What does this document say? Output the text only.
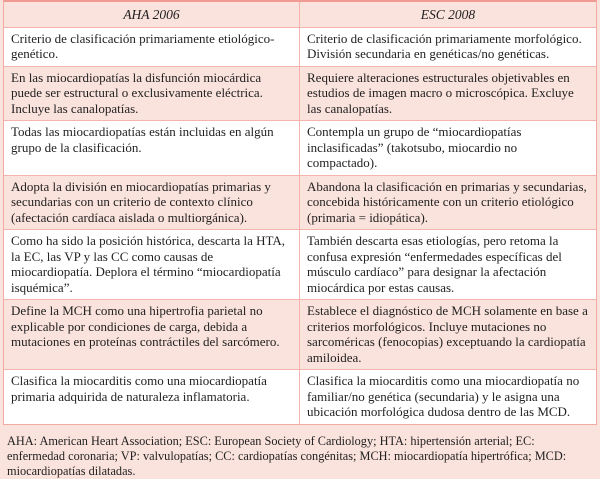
AHA 2006	ESC 2008
Criterio de clasificación primariamente etiológico-genético.
Criterio de clasificación primariamente morfológico. División secundaria en genéticas/no genéticas.
En las miocardiopatías la disfunción miocárdica puede ser estructural o exclusivamente eléctrica. Incluye las canalopatías.
Requiere alteraciones estructurales objetivables en estudios de imagen macro o microscópica. Excluye las canalopatías.
Todas las miocardiopatías están incluidas en algún grupo de la clasificación.
Contempla un grupo de “miocardiopatías inclasificadas” (takotsubo, miocardio no compactado).
Adopta la división en miocardiopatías primarias y secundarias con un criterio de contexto clínico (afectación cardíaca aislada o multiorgánica).
Abandona la clasificación en primarias y secundarias, concebida históricamente con un criterio etiológico (primaria = idiopática).
Como ha sido la posición histórica, descarta la HTA, la EC, las VP y las CC como causas de miocardiopatía. Deplora el término “miocardiopatía isquémica”.
También descarta esas etiologías, pero retoma la confusa expresión “enfermedades específicas del músculo cardíaco” para designar la afectación miocárdica por estas causas.
Define la MCH como una hipertrofia parietal no explicable por condiciones de carga, debida a mutaciones en proteínas contráctiles del sarcómero.
Establece el diagnóstico de MCH solamente en base a criterios morfológicos. Incluye mutaciones no sarcoméricas (fenocopias) exceptuando la cardiopatía amiloidea.
Clasifica la miocarditis como una miocardiopatía primaria adquirida de naturaleza inflamatoria.
Clasifica la miocarditis como una miocardiopatía no familiar/no genética (secundaria) y le asigna una ubicación morfológica dudosa dentro de las MCD.
AHA: American Heart Association; ESC: European Society of Cardiology; HTA: hipertensión arterial; EC: enfermedad coronaria; VP: valvulopatías; CC: cardiopatías congénitas; MCH: miocardiopatía hipertrófica; MCD: miocardiopatías dilatadas.
